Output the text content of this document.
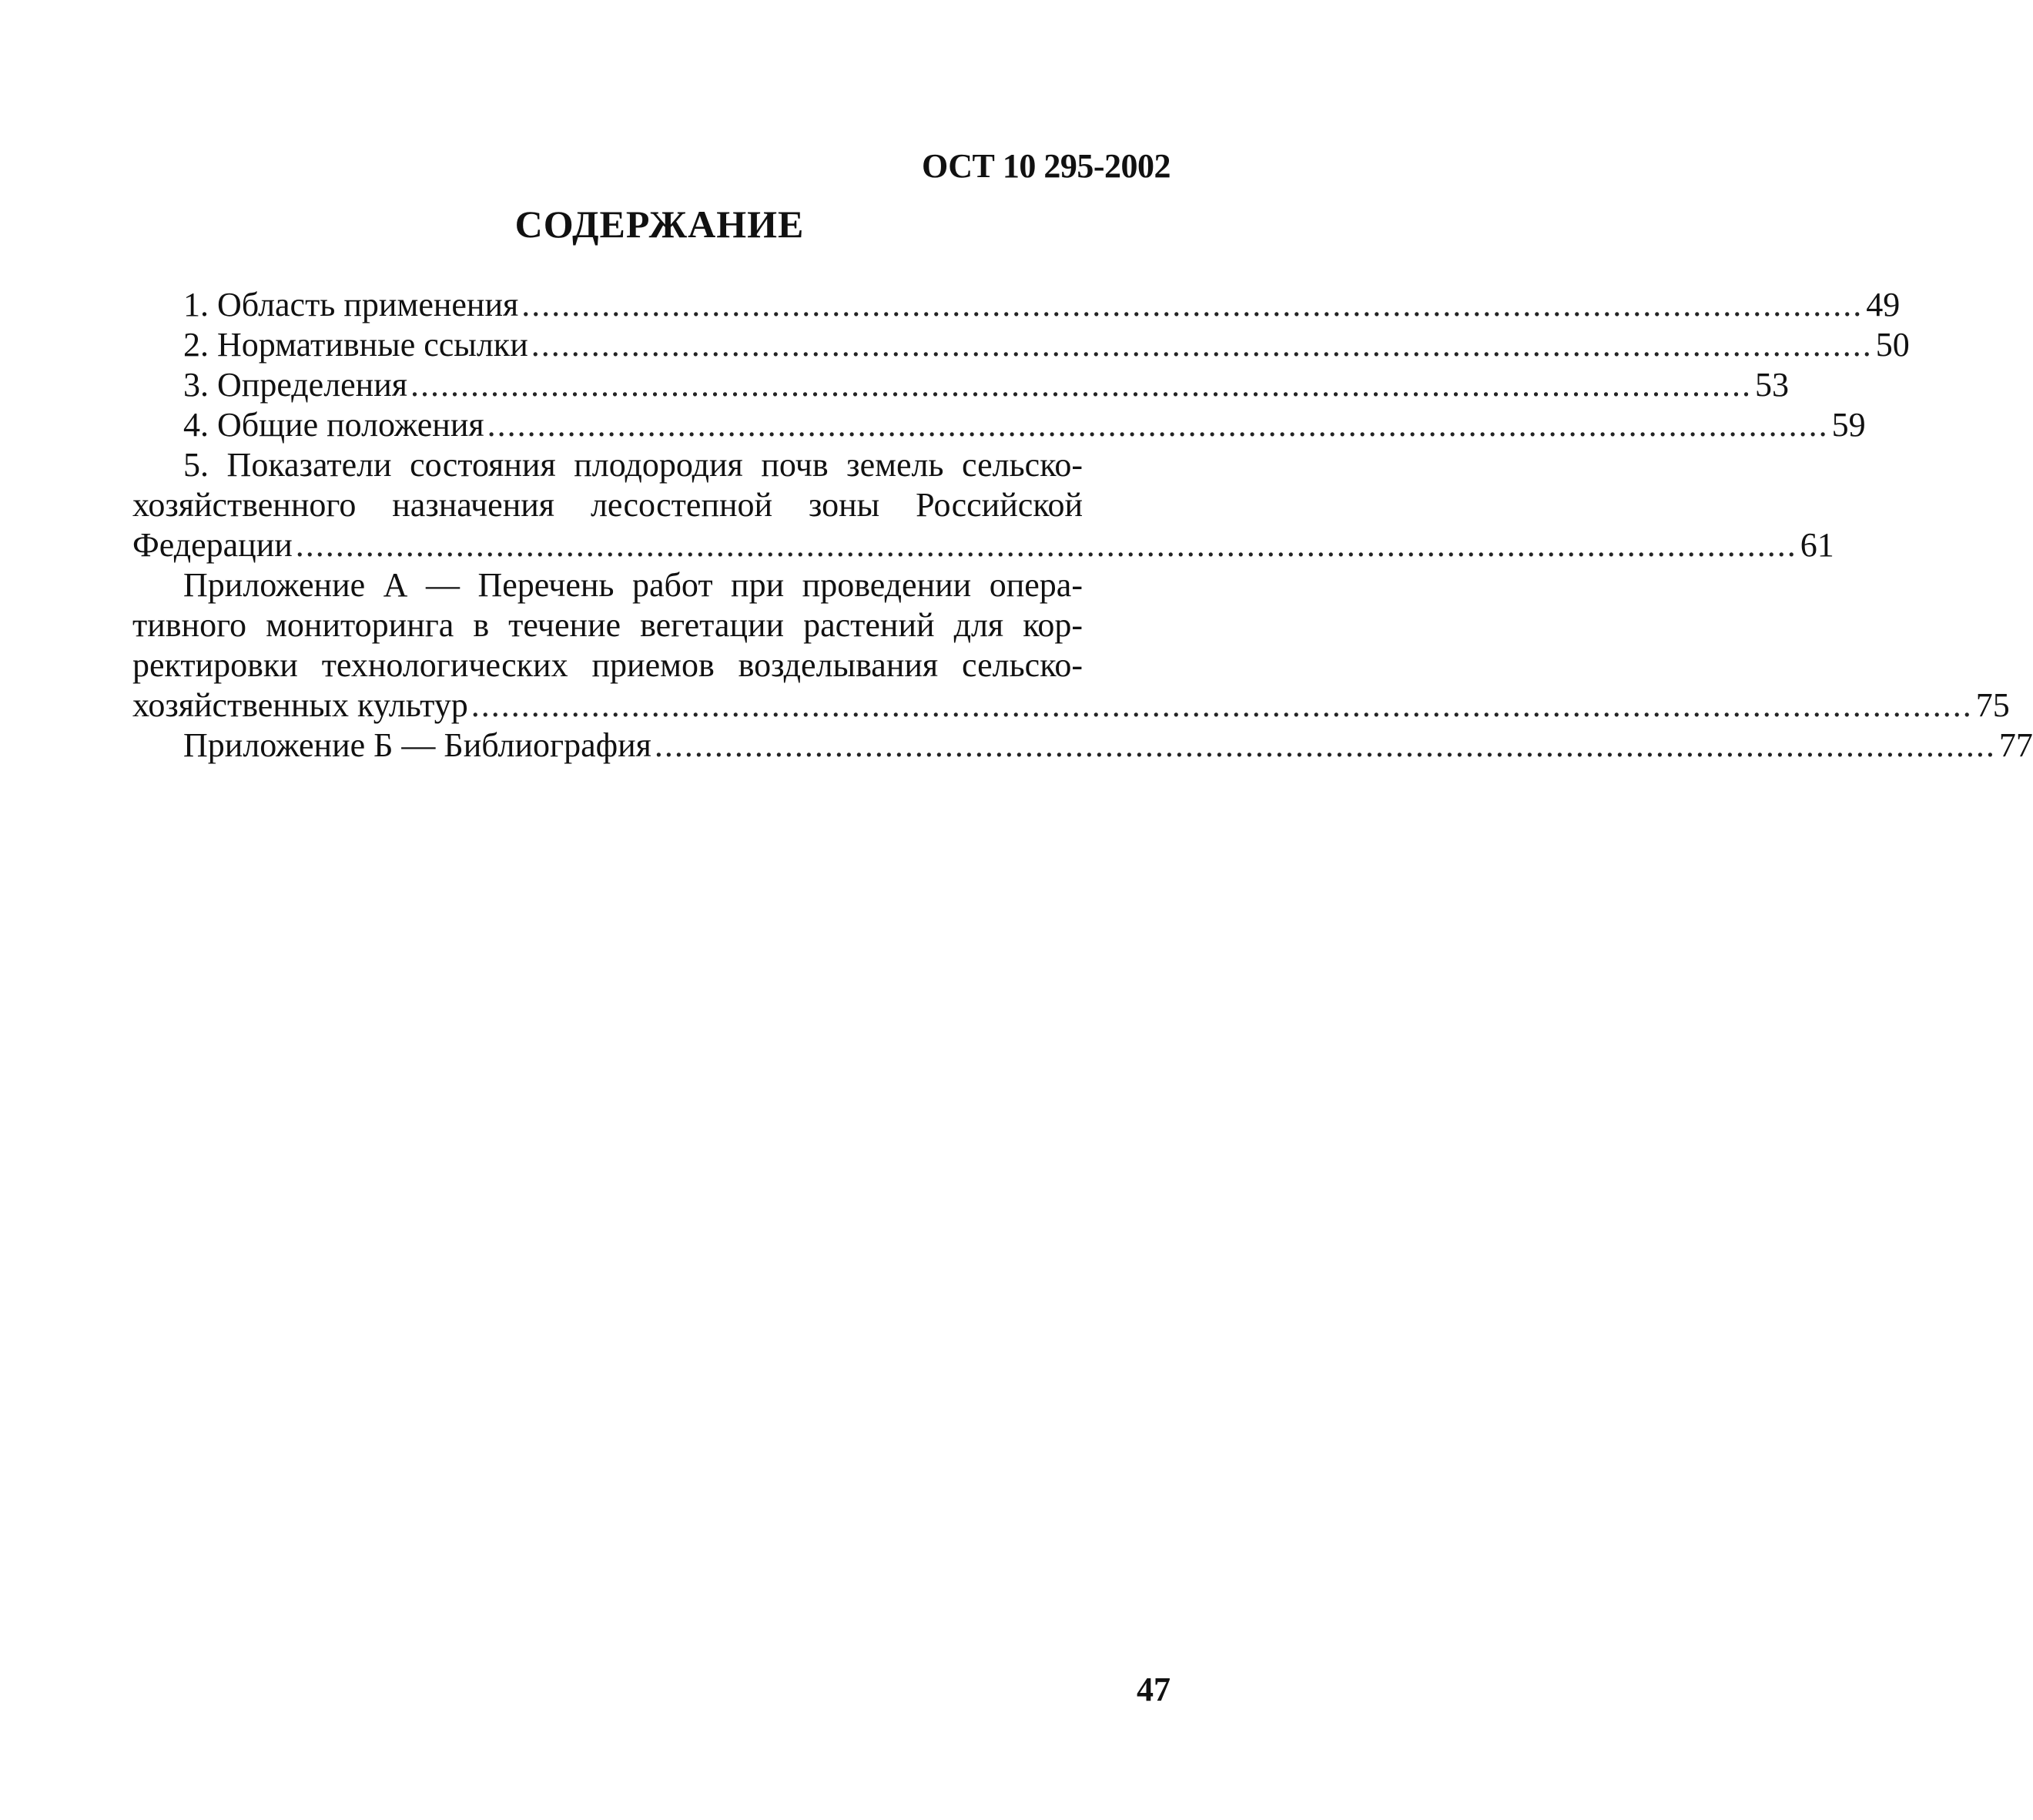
ОСТ 10 295-2002
СОДЕРЖАНИЕ
1. Область применения ...................................................................................................................................... 49
2. Нормативные ссылки ...................................................................................................................................... 50
3. Определения ...................................................................................................................................... 53
4. Общие положения ...................................................................................................................................... 59
5. Показатели состояния плодородия почв земель сельско-
хозяйственного назначения лесостепной зоны Российской
Федерации ...................................................................................................................................................... 61
Приложение А — Перечень работ при проведении опера-
тивного мониторинга в течение вегетации растений для кор-
ректировки технологических приемов возделывания сельско-
хозяйственных культур ...................................................................................................................................................... 75
Приложение Б — Библиография ...................................................................................................................................... 77
47
